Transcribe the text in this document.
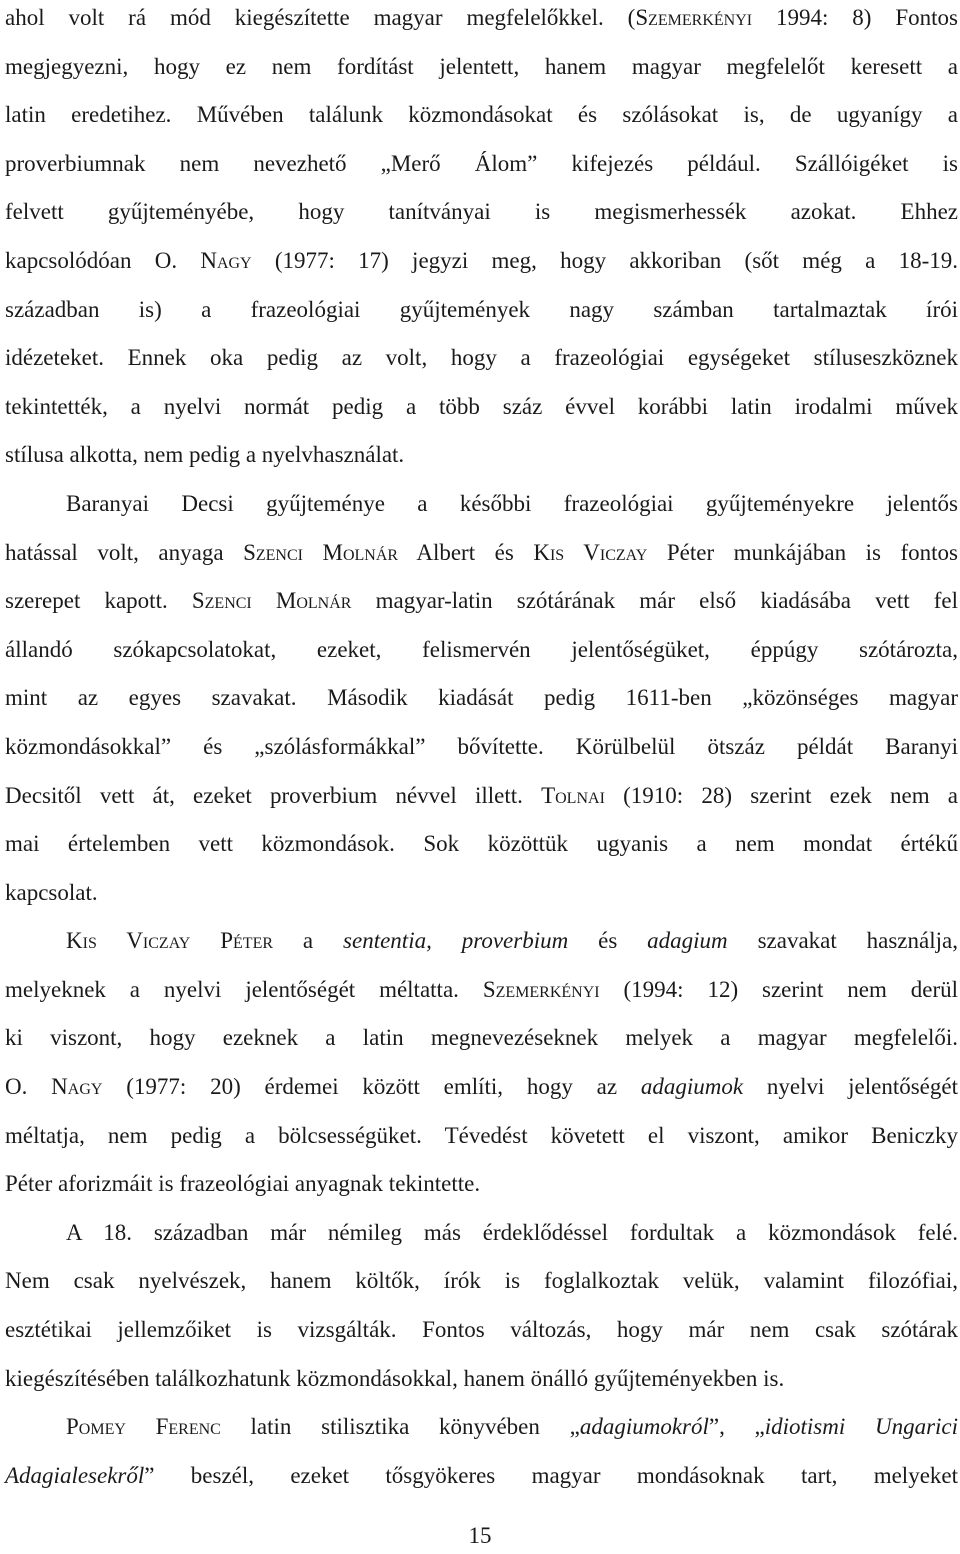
ahol volt rá mód kiegészítette magyar megfelelőkkel. (Szemerkényi 1994: 8) Fontos
megjegyezni, hogy ez nem fordítást jelentett, hanem magyar megfelelőt keresett a
latin eredetihez. Művében találunk közmondásokat és szólásokat is, de ugyanígy a
proverbiumnak nem nevezhető „Merő Álom” kifejezés például. Szállóigéket is
felvett gyűjteményébe, hogy tanítványai is megismerhessék azokat. Ehhez
kapcsolódóan O. Nagy (1977: 17) jegyzi meg, hogy akkoriban (sőt még a 18-19.
században is) a frazeológiai gyűjtemények nagy számban tartalmaztak írói
idézeteket. Ennek oka pedig az volt, hogy a frazeológiai egységeket stíluseszköznek
tekintették, a nyelvi normát pedig a több száz évvel korábbi latin irodalmi művek
stílusa alkotta, nem pedig a nyelvhasználat.
Baranyai Decsi gyűjteménye a későbbi frazeológiai gyűjteményekre jelentős
hatással volt, anyaga Szenci Molnár Albert és Kis Viczay Péter munkájában is fontos
szerepet kapott. Szenci Molnár magyar-latin szótárának már első kiadásába vett fel
állandó szókapcsolatokat, ezeket, felismervén jelentőségüket, éppúgy szótározta,
mint az egyes szavakat. Második kiadását pedig 1611-ben „közönséges magyar
közmondásokkal” és „szólásformákkal” bővítette. Körülbelül ötszáz példát Baranyi
Decsitől vett át, ezeket proverbium névvel illett. Tolnai (1910: 28) szerint ezek nem a
mai értelemben vett közmondások. Sok közöttük ugyanis a nem mondat értékű
kapcsolat.
Kis Viczay Péter a sententia, proverbium és adagium szavakat használja,
melyeknek a nyelvi jelentőségét méltatta. Szemerkényi (1994: 12) szerint nem derül
ki viszont, hogy ezeknek a latin megnevezéseknek melyek a magyar megfelelői.
O. Nagy (1977: 20) érdemei között említi, hogy az adagiumok nyelvi jelentőségét
méltatja, nem pedig a bölcsességüket. Tévedést követett el viszont, amikor Beniczky
Péter aforizmáit is frazeológiai anyagnak tekintette.
A 18. században már némileg más érdeklődéssel fordultak a közmondások felé.
Nem csak nyelvészek, hanem költők, írók is foglalkoztak velük, valamint filozófiai,
esztétikai jellemzőiket is vizsgálták. Fontos változás, hogy már nem csak szótárak
kiegészítésében találkozhatunk közmondásokkal, hanem önálló gyűjteményekben is.
Pomey Ferenc latin stilisztika könyvében „adagiumokról”, „idiotismi Ungarici
Adagialesekről” beszél, ezeket tősgyökeres magyar mondásoknak tart, melyeket
15
